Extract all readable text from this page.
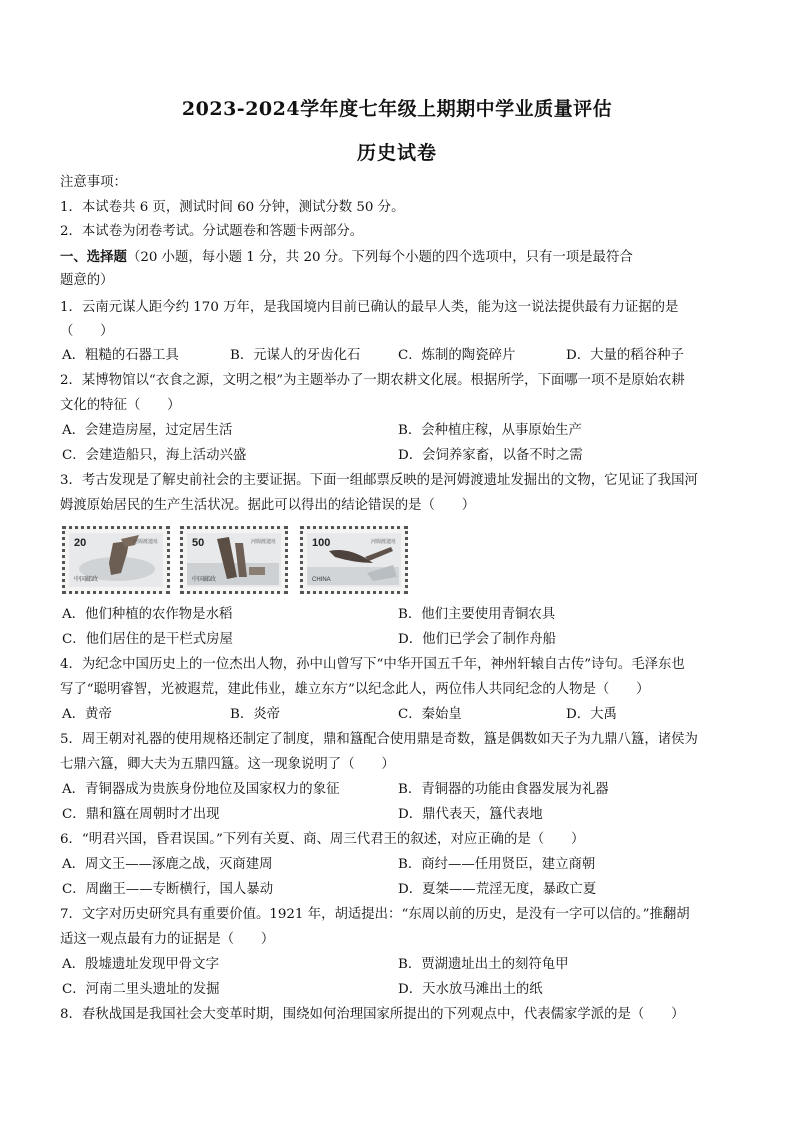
2023-2024学年度七年级上期期中学业质量评估
历史试卷
注意事项：
1．本试卷共 6 页，测试时间 60 分钟，测试分数 50 分。
2．本试卷为闭卷考试。分试题卷和答题卡两部分。
一、选择题（20 小题，每小题 1 分，共 20 分。下列每个小题的四个选项中，只有一项是最符合
题意的）
1．云南元谋人距今约 170 万年，是我国境内目前已确认的最早人类，能为这一说法提供最有力证据的是
（　　）
A．粗糙的石器工具	B．元谋人的牙齿化石	C．炼制的陶瓷碎片	D．大量的稻谷种子
2．某博物馆以“衣食之源，文明之根”为主题举办了一期农耕文化展。根据所学，下面哪一项不是原始农耕
文化的特征（　　）
A．会建造房屋，过定居生活	B．会种植庄稼，从事原始生产
C．会建造船只，海上活动兴盛	D．会饲养家畜，以备不时之需
3．考古发现是了解史前社会的主要证据。下面一组邮票反映的是河姆渡遗址发掘出的文物，它见证了我国河
姆渡原始居民的生产生活状况。据此可以得出的结论错误的是（　　）
20	河姆渡遗址
中国邮政
50	河姆渡遗址
中国邮政
100	河姆渡遗址
CHINA
A．他们种植的农作物是水稻	B．他们主要使用青铜农具
C．他们居住的是干栏式房屋	D．他们已学会了制作舟船
4．为纪念中国历史上的一位杰出人物，孙中山曾写下“中华开国五千年，神州轩辕自古传”诗句。毛泽东也
写了“聪明睿智，光被遐荒，建此伟业，雄立东方”以纪念此人，两位伟人共同纪念的人物是（　　）
A．黄帝	B．炎帝	C．秦始皇	D．大禹
5．周王朝对礼器的使用规格还制定了制度，鼎和簋配合使用鼎是奇数，簋是偶数如天子为九鼎八簋，诸侯为
七鼎六簋，卿大夫为五鼎四簋。这一现象说明了（　　）
A．青铜器成为贵族身份地位及国家权力的象征	B．青铜器的功能由食器发展为礼器
C．鼎和簋在周朝时才出现	D．鼎代表天，簋代表地
6．“明君兴国，昏君误国。”下列有关夏、商、周三代君王的叙述，对应正确的是（　　）
A．周文王——涿鹿之战，灭商建周	B．商纣——任用贤臣，建立商朝
C．周幽王——专断横行，国人暴动	D．夏桀——荒淫无度，暴政亡夏
7．文字对历史研究具有重要价值。1921 年，胡适提出：“东周以前的历史，是没有一字可以信的。”推翻胡
适这一观点最有力的证据是（　　）
A．殷墟遗址发现甲骨文字	B．贾湖遗址出土的刻符龟甲
C．河南二里头遗址的发掘	D．天水放马滩出土的纸
8．春秋战国是我国社会大变革时期，围绕如何治理国家所提出的下列观点中，代表儒家学派的是（　　）
